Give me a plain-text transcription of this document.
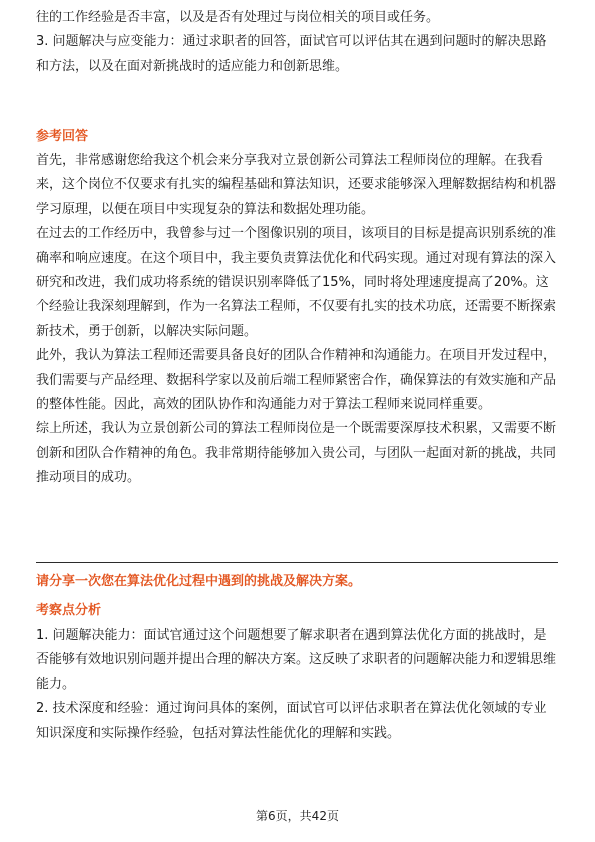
往的工作经验是否丰富，以及是否有处理过与岗位相关的项目或任务。

3. 问题解决与应变能力：通过求职者的回答，面试官可以评估其在遇到问题时的解决思路和方法，以及在面对新挑战时的适应能力和创新思维。

参考回答

首先，非常感谢您给我这个机会来分享我对立景创新公司算法工程师岗位的理解。在我看来，这个岗位不仅要求有扎实的编程基础和算法知识，还要求能够深入理解数据结构和机器学习原理，以便在项目中实现复杂的算法和数据处理功能。

在过去的工作经历中，我曾参与过一个图像识别的项目，该项目的目标是提高识别系统的准确率和响应速度。在这个项目中，我主要负责算法优化和代码实现。通过对现有算法的深入研究和改进，我们成功将系统的错误识别率降低了15%，同时将处理速度提高了20%。这个经验让我深刻理解到，作为一名算法工程师，不仅要有扎实的技术功底，还需要不断探索新技术，勇于创新，以解决实际问题。

此外，我认为算法工程师还需要具备良好的团队合作精神和沟通能力。在项目开发过程中，我们需要与产品经理、数据科学家以及前后端工程师紧密合作，确保算法的有效实施和产品的整体性能。因此，高效的团队协作和沟通能力对于算法工程师来说同样重要。

综上所述，我认为立景创新公司的算法工程师岗位是一个既需要深厚技术积累，又需要不断创新和团队合作精神的角色。我非常期待能够加入贵公司，与团队一起面对新的挑战，共同推动项目的成功。

请分享一次您在算法优化过程中遇到的挑战及解决方案。
考察点分析

1. 问题解决能力：面试官通过这个问题想要了解求职者在遇到算法优化方面的挑战时，是否能够有效地识别问题并提出合理的解决方案。这反映了求职者的问题解决能力和逻辑思维能力。

2. 技术深度和经验：通过询问具体的案例，面试官可以评估求职者在算法优化领域的专业知识深度和实际操作经验，包括对算法性能优化的理解和实践。

第6页，共42页
